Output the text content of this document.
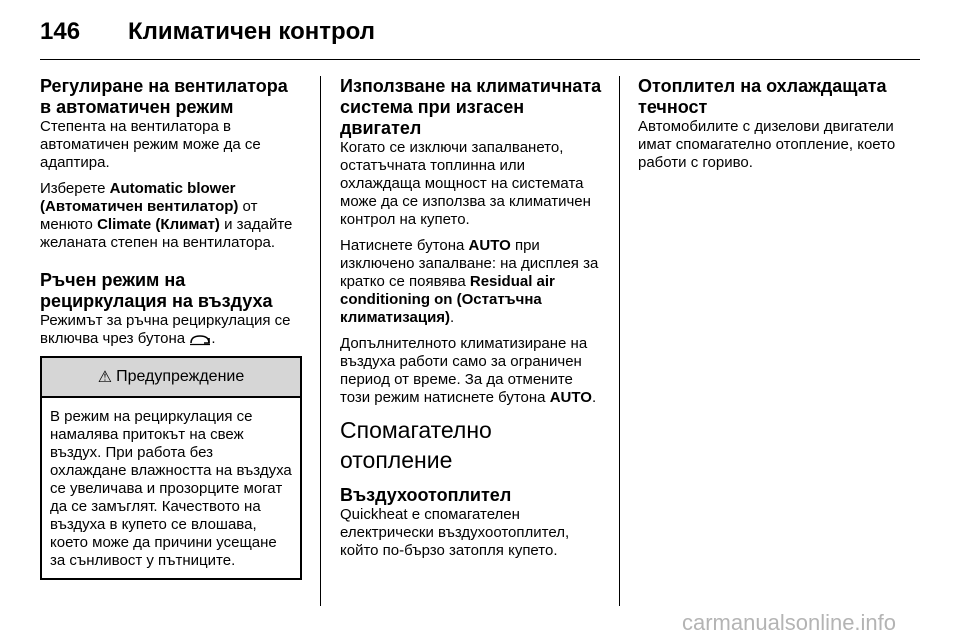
146 Климатичен контрол
Регулиране на вентилатора в автоматичен режим

Степента на вентилатора в автоматичен режим може да се адаптира.

Изберете Automatic blower (Автоматичен вентилатор) от менюто Climate (Климат) и задайте желаната степен на вентилатора.

Ръчен режим на рециркулация на въздуха

Режимът за ръчна рециркулация се включва чрез бутона .

⚠ Предупреждение
В режим на рециркулация се намалява притокът на свеж въздух. При работа без охлаждане влажността на въздуха се увеличава и прозорците могат да се замъглят. Качеството на въздуха в купето се влошава, което може да причини усещане за сънливост у пътниците.
Използване на климатичната система при изгасен двигател

Когато се изключи запалването, остатъчната топлинна или охлаждаща мощност на системата може да се използва за климатичен контрол на купето.

Натиснете бутона AUTO при изключено запалване: на дисплея за кратко се появява Residual air conditioning on (Остатъчна климатизация).

Допълнителното климатизиране на въздуха работи само за ограничен период от време. За да отмените този режим натиснете бутона AUTO.

Спомагателно отопление
Въздухоотоплител

Quickheat е спомагателен електрически въздухоотоплител, който по-бързо затопля купето.

Отоплител на охлаждащата течност

Автомобилите с дизелови двигатели имат спомагателно отопление, което работи с гориво.

carmanualsonline.info
